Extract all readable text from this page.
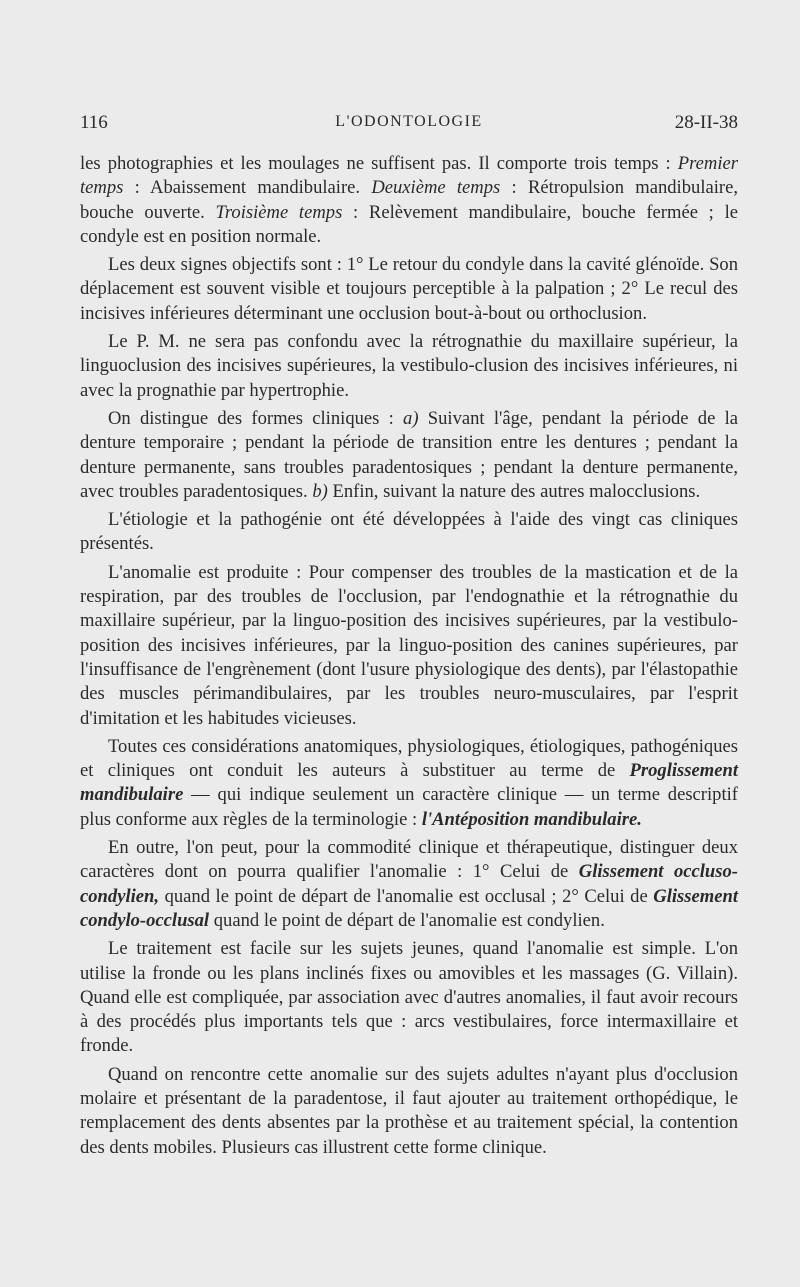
116	L'ODONTOLOGIE	28-II-38

les photographies et les moulages ne suffisent pas. Il comporte trois temps : Premier temps : Abaissement mandibulaire. Deuxième temps : Rétropulsion mandibulaire, bouche ouverte. Troisième temps : Relèvement mandibulaire, bouche fermée ; le condyle est en position normale.

Les deux signes objectifs sont : 1° Le retour du condyle dans la cavité glénoïde. Son déplacement est souvent visible et toujours perceptible à la palpation ; 2° Le recul des incisives inférieures déterminant une occlusion bout-à-bout ou orthoclusion.

Le P. M. ne sera pas confondu avec la rétrognathie du maxillaire supérieur, la linguoclusion des incisives supérieures, la vestibulo-clusion des incisives inférieures, ni avec la prognathie par hypertrophie.

On distingue des formes cliniques : a) Suivant l'âge, pendant la période de la denture temporaire ; pendant la période de transition entre les dentures ; pendant la denture permanente, sans troubles paradentosiques ; pendant la denture permanente, avec troubles paradentosiques. b) Enfin, suivant la nature des autres malocclusions.

L'étiologie et la pathogénie ont été développées à l'aide des vingt cas cliniques présentés.

L'anomalie est produite : Pour compenser des troubles de la mastication et de la respiration, par des troubles de l'occlusion, par l'endognathie et la rétrognathie du maxillaire supérieur, par la linguo-position des incisives supérieures, par la vestibulo-position des incisives inférieures, par la linguo-position des canines supérieures, par l'insuffisance de l'engrènement (dont l'usure physiologique des dents), par l'élastopathie des muscles périmandibulaires, par les troubles neuro-musculaires, par l'esprit d'imitation et les habitudes vicieuses.

Toutes ces considérations anatomiques, physiologiques, étiologiques, pathogéniques et cliniques ont conduit les auteurs à substituer au terme de Proglissement mandibulaire — qui indique seulement un caractère clinique — un terme descriptif plus conforme aux règles de la terminologie : l'Antéposition mandibulaire.

En outre, l'on peut, pour la commodité clinique et thérapeutique, distinguer deux caractères dont on pourra qualifier l'anomalie : 1° Celui de Glissement occluso-condylien, quand le point de départ de l'anomalie est occlusal ; 2° Celui de Glissement condylo-occlusal quand le point de départ de l'anomalie est condylien.

Le traitement est facile sur les sujets jeunes, quand l'anomalie est simple. L'on utilise la fronde ou les plans inclinés fixes ou amovibles et les massages (G. Villain). Quand elle est compliquée, par association avec d'autres anomalies, il faut avoir recours à des procédés plus importants tels que : arcs vestibulaires, force intermaxillaire et fronde.

Quand on rencontre cette anomalie sur des sujets adultes n'ayant plus d'occlusion molaire et présentant de la paradentose, il faut ajouter au traitement orthopédique, le remplacement des dents absentes par la prothèse et au traitement spécial, la contention des dents mobiles. Plusieurs cas illustrent cette forme clinique.
